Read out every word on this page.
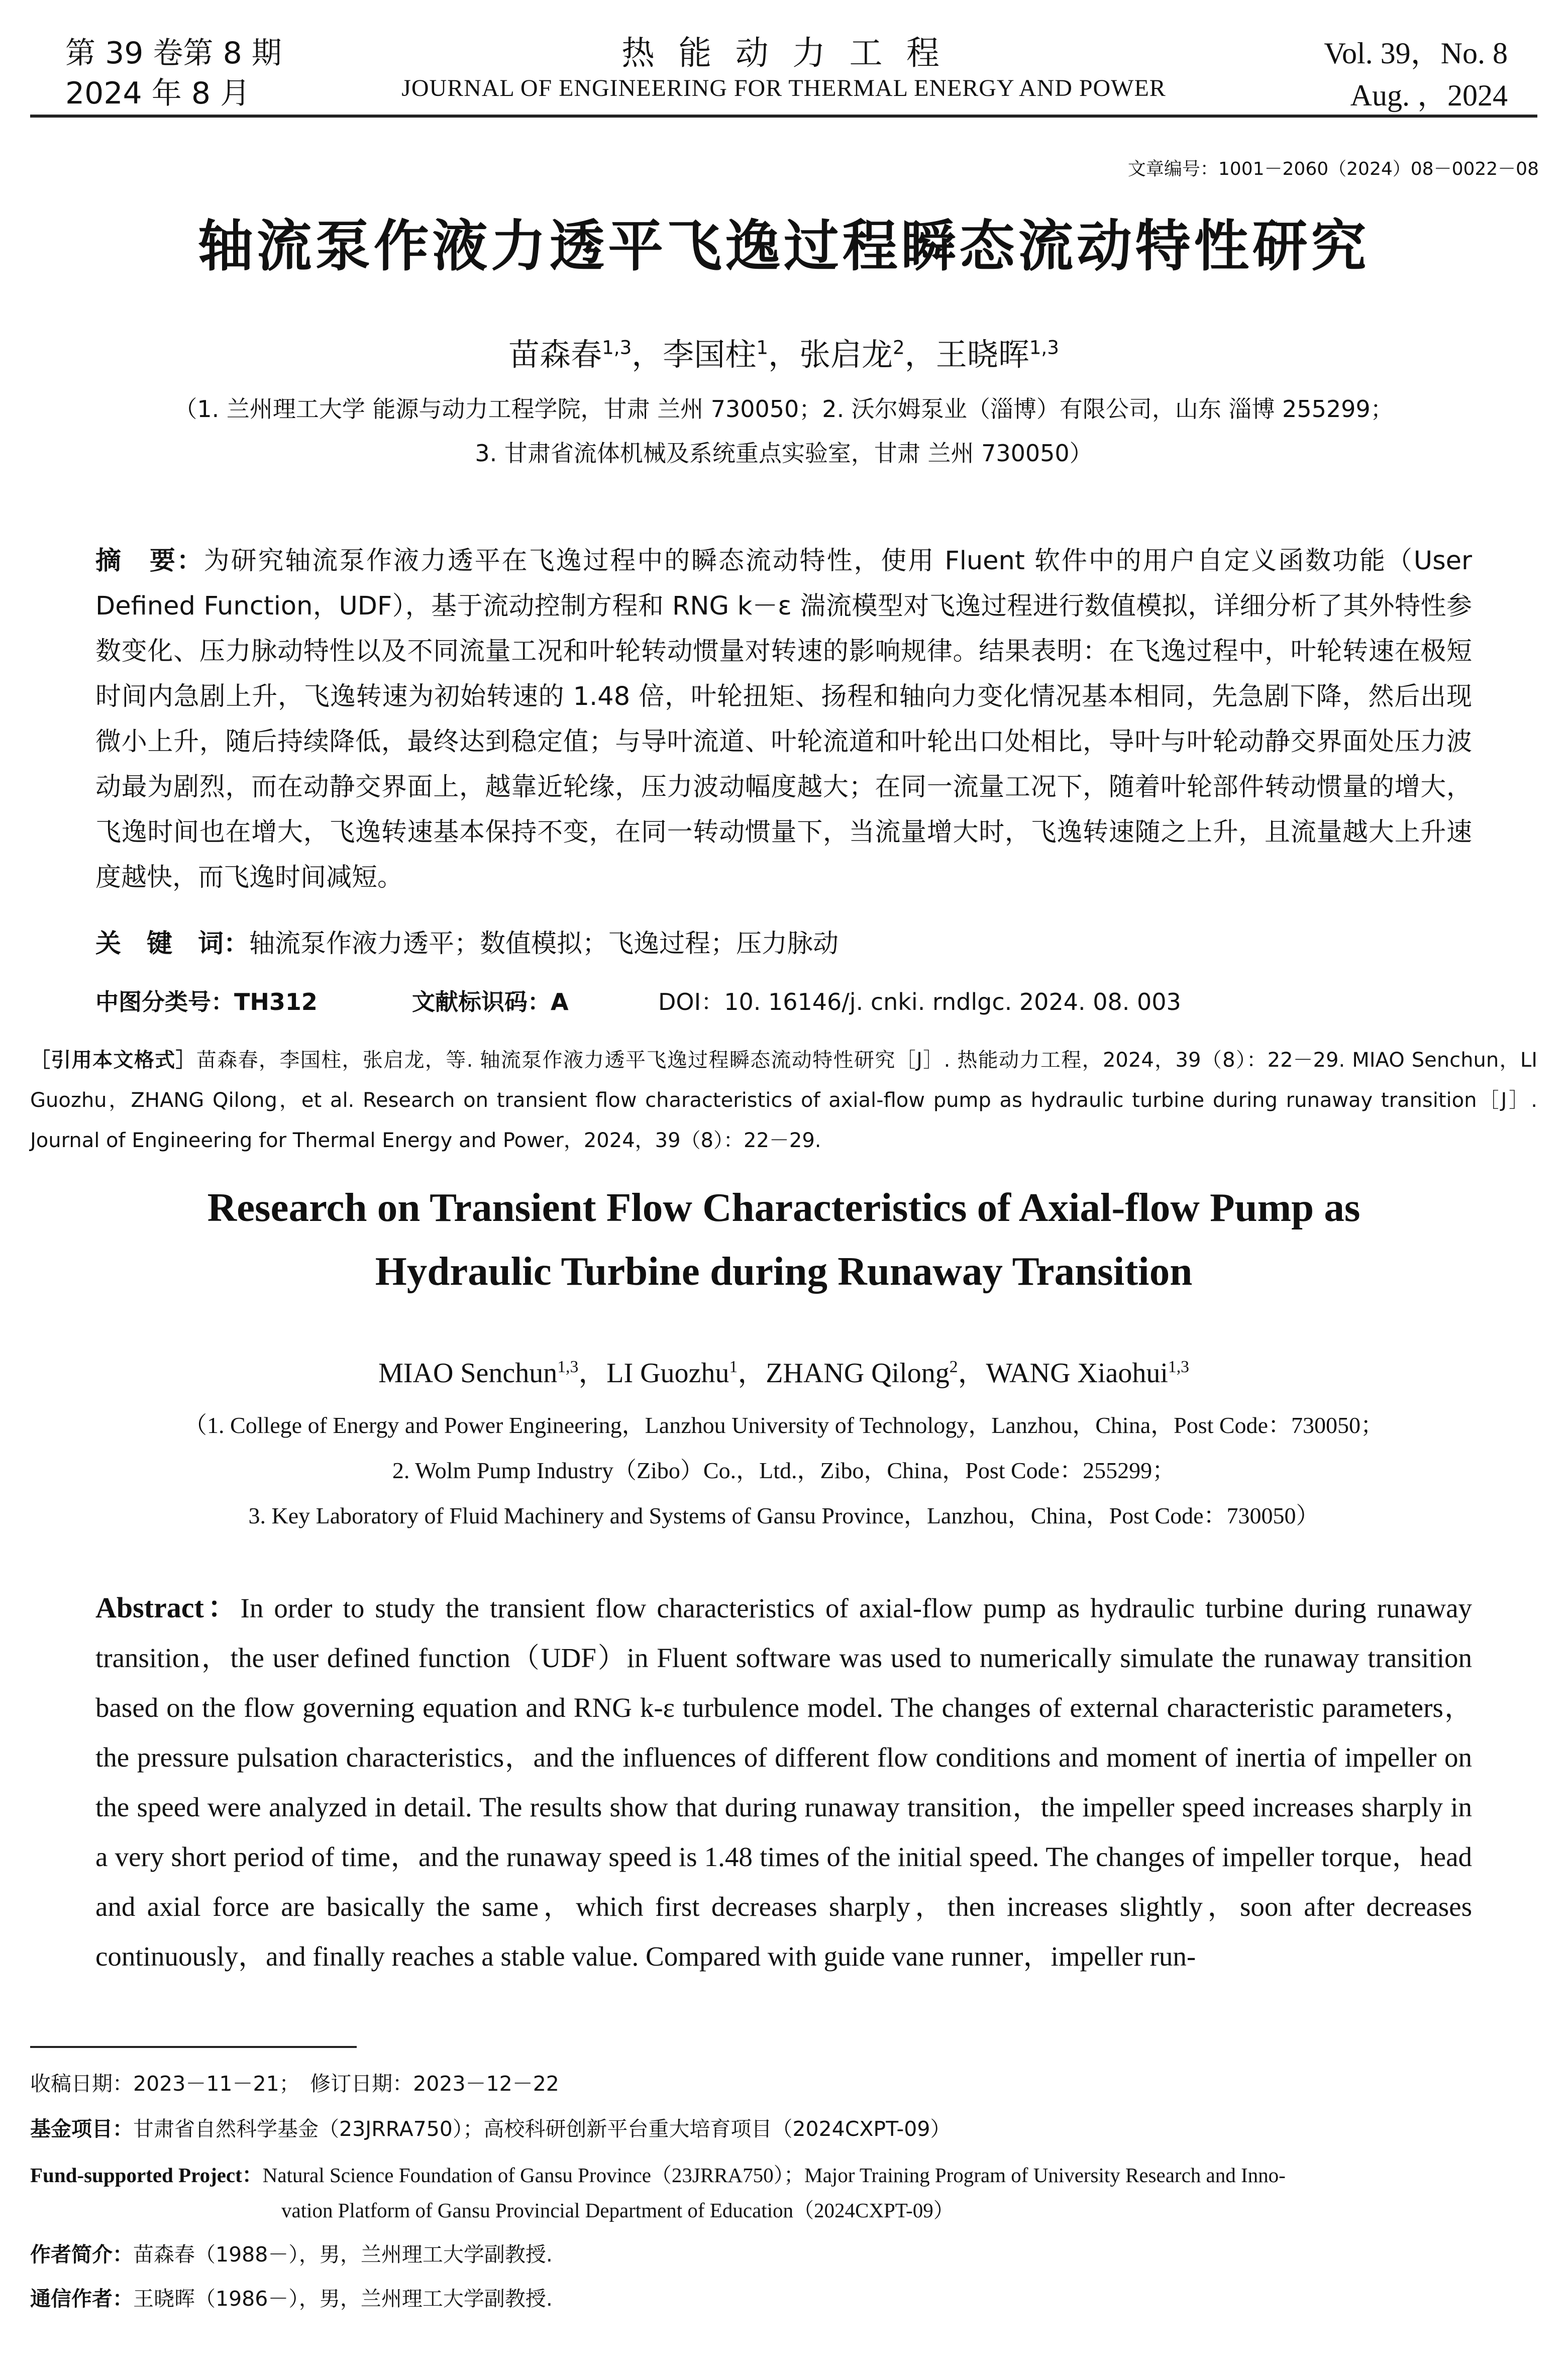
第 39 卷第 8 期
2024 年 8 月
热 能 动 力 工 程
JOURNAL OF ENGINEERING FOR THERMAL ENERGY AND POWER
Vol. 39，No. 8
Aug. ，2024
文章编号：1001－2060（2024）08－0022－08
轴流泵作液力透平飞逸过程瞬态流动特性研究
苗森春$^{1,3}$，李国柱$^1$，张启龙$^2$，王晓晖$^{1,3}$
（1. 兰州理工大学 能源与动力工程学院，甘肃 兰州 730050；2. 沃尔姆泵业（淄博）有限公司，山东 淄博 255299；
3. 甘肃省流体机械及系统重点实验室，甘肃 兰州 730050）
摘　要：为研究轴流泵作液力透平在飞逸过程中的瞬态流动特性，使用 Fluent 软件中的用户自定义函数功能（User Defined Function，UDF），基于流动控制方程和 RNG k－ε 湍流模型对飞逸过程进行数值模拟，详细分析了其外特性参数变化、压力脉动特性以及不同流量工况和叶轮转动惯量对转速的影响规律。结果表明：在飞逸过程中，叶轮转速在极短时间内急剧上升，飞逸转速为初始转速的 1.48 倍，叶轮扭矩、扬程和轴向力变化情况基本相同，先急剧下降，然后出现微小上升，随后持续降低，最终达到稳定值；与导叶流道、叶轮流道和叶轮出口处相比，导叶与叶轮动静交界面处压力波动最为剧烈，而在动静交界面上，越靠近轮缘，压力波动幅度越大；在同一流量工况下，随着叶轮部件转动惯量的增大，飞逸时间也在增大，飞逸转速基本保持不变，在同一转动惯量下，当流量增大时，飞逸转速随之上升，且流量越大上升速度越快，而飞逸时间减短。
关　键　词：轴流泵作液力透平；数值模拟；飞逸过程；压力脉动
中图分类号：TH312	文献标识码：A	DOI：10. 16146/j. cnki. rndlgc. 2024. 08. 003
［引用本文格式］苗森春，李国柱，张启龙，等. 轴流泵作液力透平飞逸过程瞬态流动特性研究［J］. 热能动力工程，2024，39（8）：22－29. MIAO Senchun，LI Guozhu，ZHANG Qilong，et al. Research on transient flow characteristics of axial-flow pump as hydraulic turbine during runaway transition［J］. Journal of Engineering for Thermal Energy and Power，2024，39（8）：22－29.
Research on Transient Flow Characteristics of Axial-flow Pump as
Hydraulic Turbine during Runaway Transition
MIAO Senchun$^{1,3}$，LI Guozhu$^1$，ZHANG Qilong$^2$，WANG Xiaohui$^{1,3}$
（1. College of Energy and Power Engineering，Lanzhou University of Technology，Lanzhou，China，Post Code：730050；
2. Wolm Pump Industry（Zibo）Co.，Ltd.，Zibo，China，Post Code：255299；
3. Key Laboratory of Fluid Machinery and Systems of Gansu Province，Lanzhou，China，Post Code：730050）
Abstract：In order to study the transient flow characteristics of axial-flow pump as hydraulic turbine during runaway transition，the user defined function（UDF）in Fluent software was used to numerically simulate the runaway transition based on the flow governing equation and RNG k-ε turbulence model. The changes of external characteristic parameters，the pressure pulsation characteristics，and the influences of different flow conditions and moment of inertia of impeller on the speed were analyzed in detail. The results show that during runaway transition，the impeller speed increases sharply in a very short period of time，and the runaway speed is 1.48 times of the initial speed. The changes of impeller torque，head and axial force are basically the same，which first decreases sharply，then increases slightly，soon after decreases continuously，and finally reaches a stable value. Compared with guide vane runner，impeller run-
收稿日期：2023－11－21；　修订日期：2023－12－22
基金项目：甘肃省自然科学基金（23JRRA750）；高校科研创新平台重大培育项目（2024CXPT-09）
Fund-supported Project：Natural Science Foundation of Gansu Province（23JRRA750）；Major Training Program of University Research and Inno-
vation Platform of Gansu Provincial Department of Education（2024CXPT-09）
作者简介：苗森春（1988－），男，兰州理工大学副教授.
通信作者：王晓晖（1986－），男，兰州理工大学副教授.
